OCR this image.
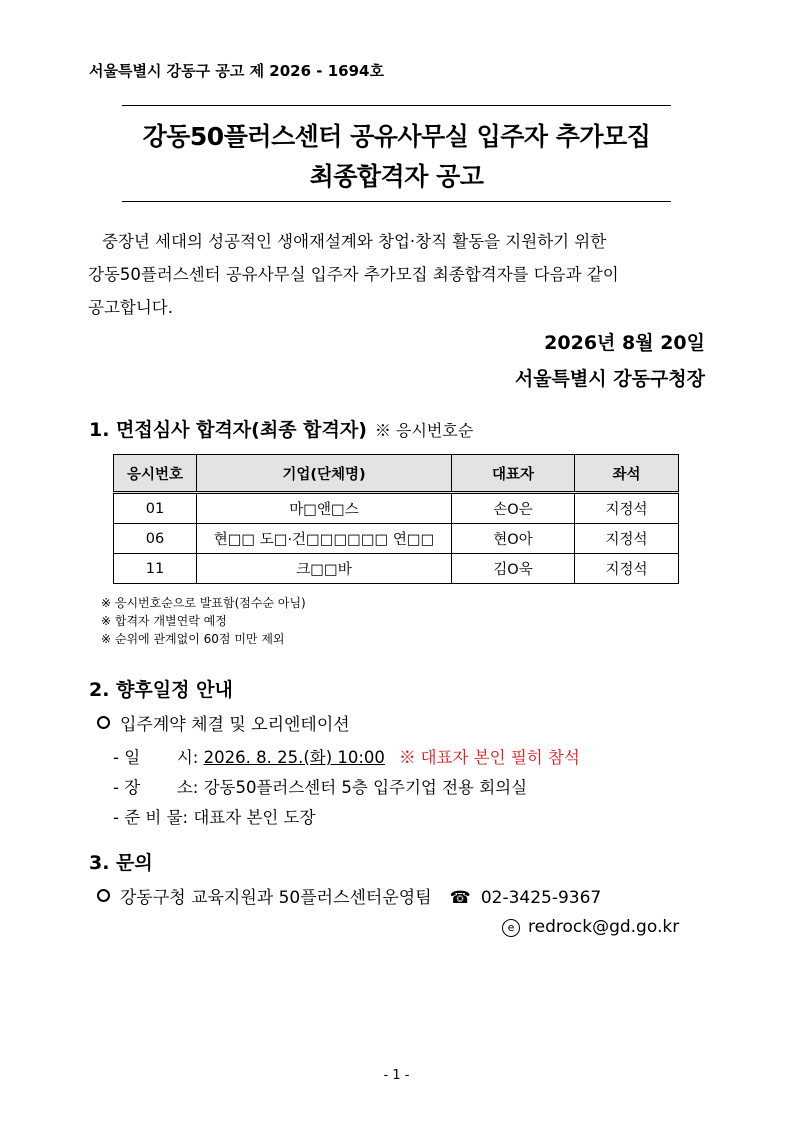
서울특별시 강동구 공고 제 2026 - 1694호
강동50플러스센터 공유사무실 입주자 추가모집
최종합격자 공고
중장년 세대의 성공적인 생애재설계와 창업·창직 활동을 지원하기 위한
강동50플러스센터 공유사무실 입주자 추가모집 최종합격자를 다음과 같이
공고합니다.
2026년 8월 20일
서울특별시 강동구청장
1. 면접심사 합격자(최종 합격자) ※ 응시번호순
응시번호	기업(단체명)	대표자	좌석
01	마□앤□스	손O은	지정석
06	현□□ 도□·건□□□□□□ 연□□	현O아	지정석
11	크□□바	김O욱	지정석
※ 응시번호순으로 발표함(점수순 아님)
※ 합격자 개별연락 예정
※ 순위에 관계없이 60점 미만 제외
2. 향후일정 안내
입주계약 체결 및 오리엔테이션
- 일       시: 2026. 8. 25.(화) 10:00 ※ 대표자 본인 필히 참석
- 장       소: 강동50플러스센터 5층 입주기업 전용 회의실
- 준 비 물: 대표자 본인 도장
3. 문의
강동구청 교육지원과 50플러스센터운영팀 ☎ 02-3425-9367
e redrock@gd.go.kr
- 1 -
